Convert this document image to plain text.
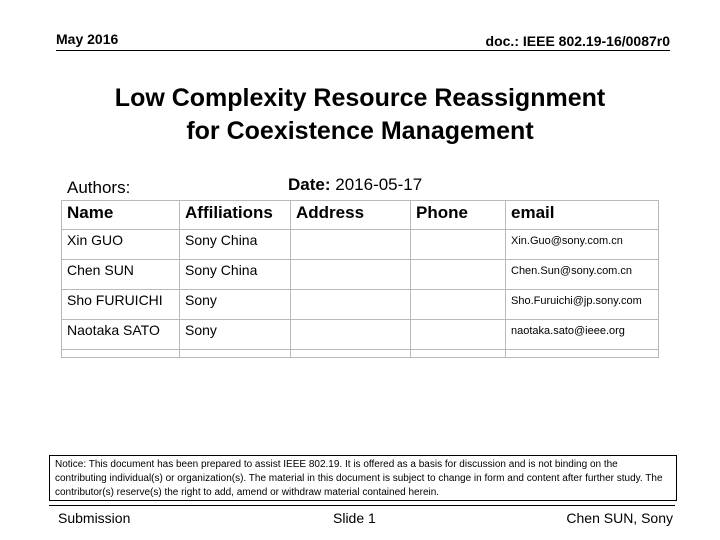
May 2016	doc.: IEEE 802.19-16/0087r0
Low Complexity Resource Reassignment
for Coexistence Management
Authors:	Date: 2016-05-17
Name	Affiliations	Address	Phone	email
Xin GUO	Sony China			Xin.Guo@sony.com.cn
Chen SUN	Sony China			Chen.Sun@sony.com.cn
Sho FURUICHI	Sony			Sho.Furuichi@jp.sony.com
Naotaka SATO	Sony			naotaka.sato@ieee.org

Notice: This document has been prepared to assist IEEE 802.19. It is offered as a basis for discussion and is not binding on the contributing individual(s) or organization(s). The material in this document is subject to change in form and content after further study. The contributor(s) reserve(s) the right to add, amend or withdraw material contained herein.
Submission	Slide 1	Chen SUN, Sony
